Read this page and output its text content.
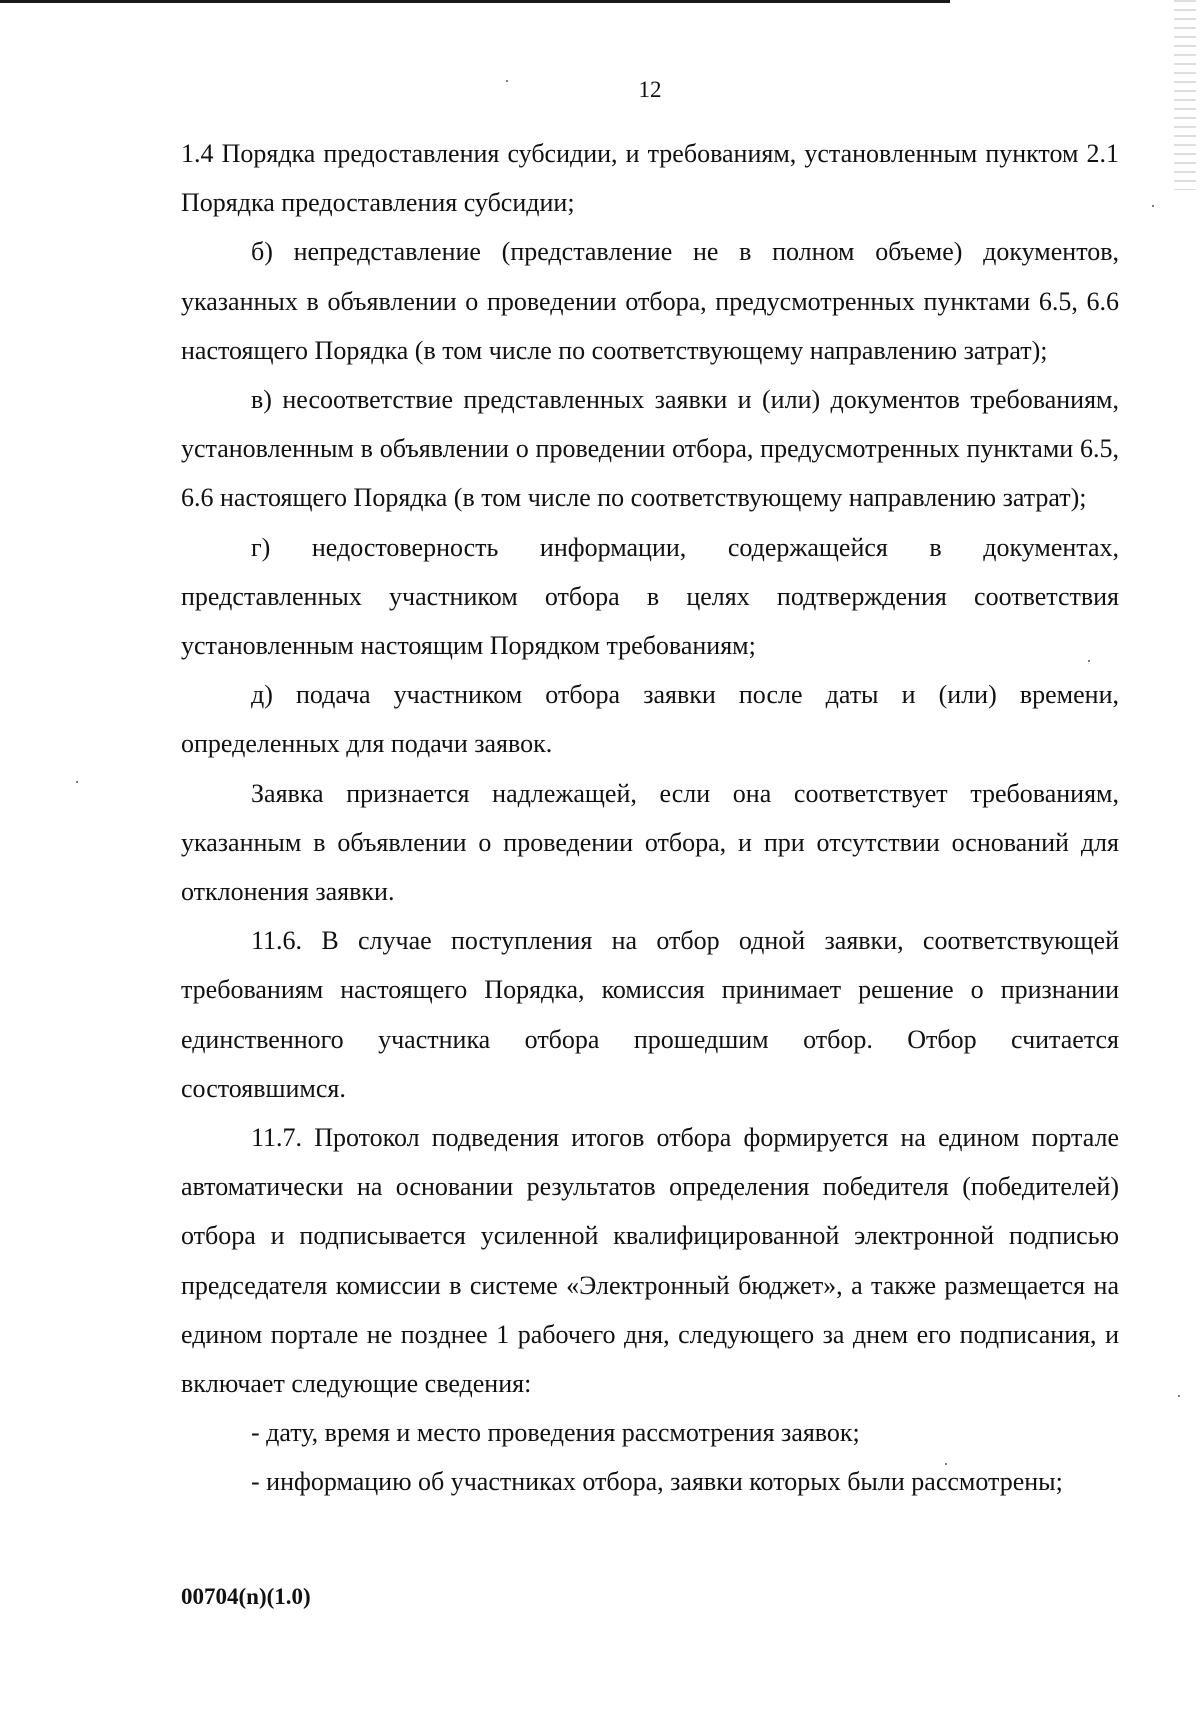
12

1.4 Порядка предоставления субсидии, и требованиям, установленным пунктом 2.1 Порядка предоставления субсидии;

б) непредставление (представление не в полном объеме) документов, указанных в объявлении о проведении отбора, предусмотренных пунктами 6.5, 6.6 настоящего Порядка (в том числе по соответствующему направлению затрат);

в) несоответствие представленных заявки и (или) документов требованиям, установленным в объявлении о проведении отбора, предусмотренных пунктами 6.5, 6.6 настоящего Порядка (в том числе по соответствующему направлению затрат);

г) недостоверность информации, содержащейся в документах, представленных участником отбора в целях подтверждения соответствия установленным настоящим Порядком требованиям;

д) подача участником отбора заявки после даты и (или) времени, определенных для подачи заявок.

Заявка признается надлежащей, если она соответствует требованиям, указанным в объявлении о проведении отбора, и при отсутствии оснований для отклонения заявки.

11.6. В случае поступления на отбор одной заявки, соответствующей требованиям настоящего Порядка, комиссия принимает решение о признании единственного участника отбора прошедшим отбор. Отбор считается состоявшимся.

11.7. Протокол подведения итогов отбора формируется на едином портале автоматически на основании результатов определения победителя (победителей) отбора и подписывается усиленной квалифицированной электронной подписью председателя комиссии в системе «Электронный бюджет», а также размещается на едином портале не позднее 1 рабочего дня, следующего за днем его подписания, и включает следующие сведения:

- дату, время и место проведения рассмотрения заявок;

- информацию об участниках отбора, заявки которых были рассмотрены;

00704(n)(1.0)
